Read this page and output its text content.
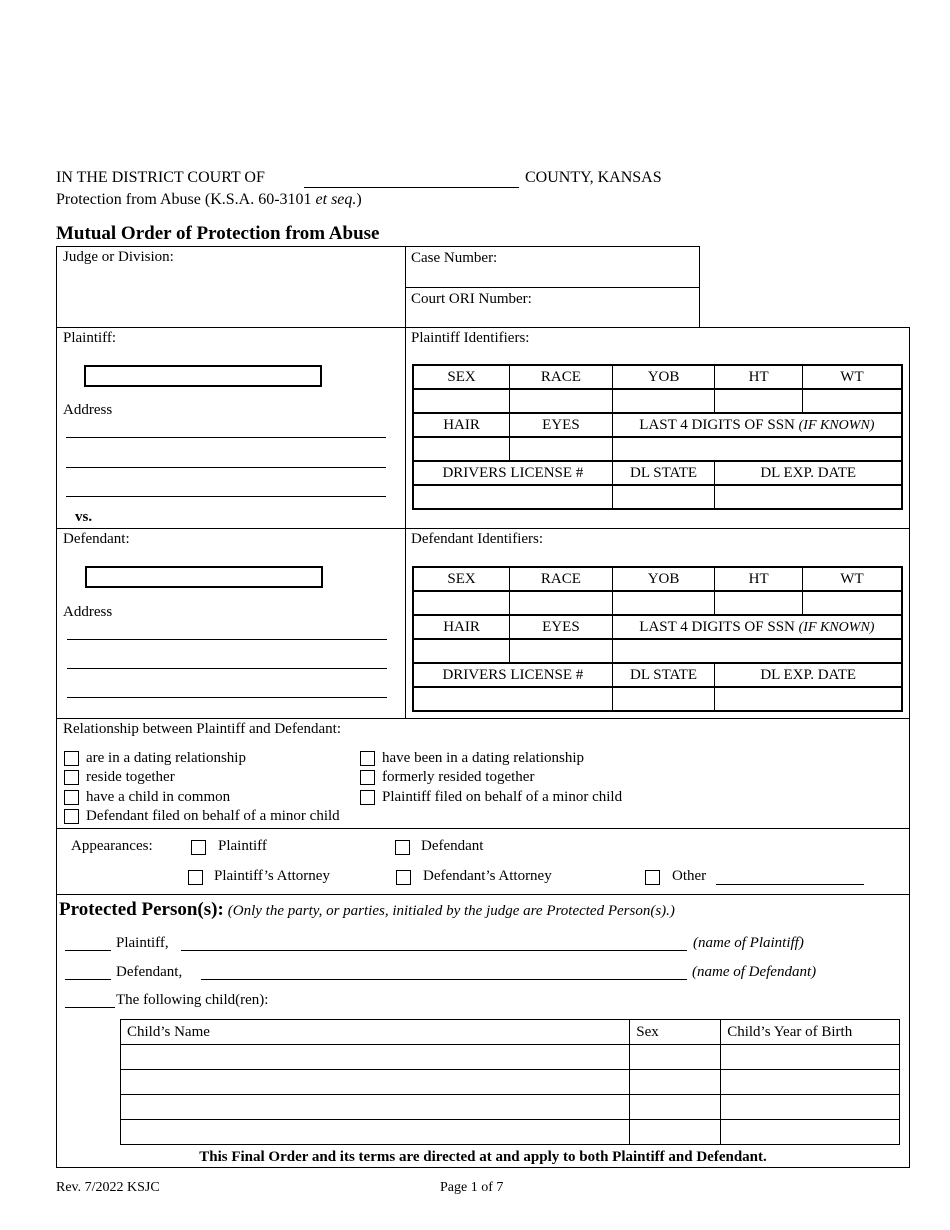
IN THE DISTRICT COURT OF	COUNTY, KANSAS
Protection from Abuse (K.S.A. 60-3101 et seq.)
Mutual Order of Protection from Abuse
Judge or Division:	Case Number:
Court ORI Number:
Plaintiff:
Address
vs.
Plaintiff Identifiers:
SEX	RACE	YOB	HT	WT

HAIR	EYES	LAST 4 DIGITS OF SSN (IF KNOWN)		

DRIVERS LICENSE #		DL STATE	DL EXP. DATE	

Defendant:
Address
Defendant Identifiers:
SEX	RACE	YOB	HT	WT

HAIR	EYES	LAST 4 DIGITS OF SSN (IF KNOWN)		

DRIVERS LICENSE #		DL STATE	DL EXP. DATE	

Relationship between Plaintiff and Defendant:
are in a dating relationship	have been in a dating relationship
reside together	formerly resided together
have a child in common	Plaintiff filed on behalf of a minor child
Defendant filed on behalf of a minor child
Appearances:	Plaintiff	Defendant
Plaintiff’s Attorney	Defendant’s Attorney	Other
Protected Person(s): (Only the party, or parties, initialed by the judge are Protected Person(s).)
Plaintiff,	(name of Plaintiff)
Defendant,	(name of Defendant)
The following child(ren):
This Final Order and its terms are directed at and apply to both Plaintiff and Defendant.
Child’s Name	Sex	Child’s Year of Birth

Rev. 7/2022 KSJC	Page 1 of 7
